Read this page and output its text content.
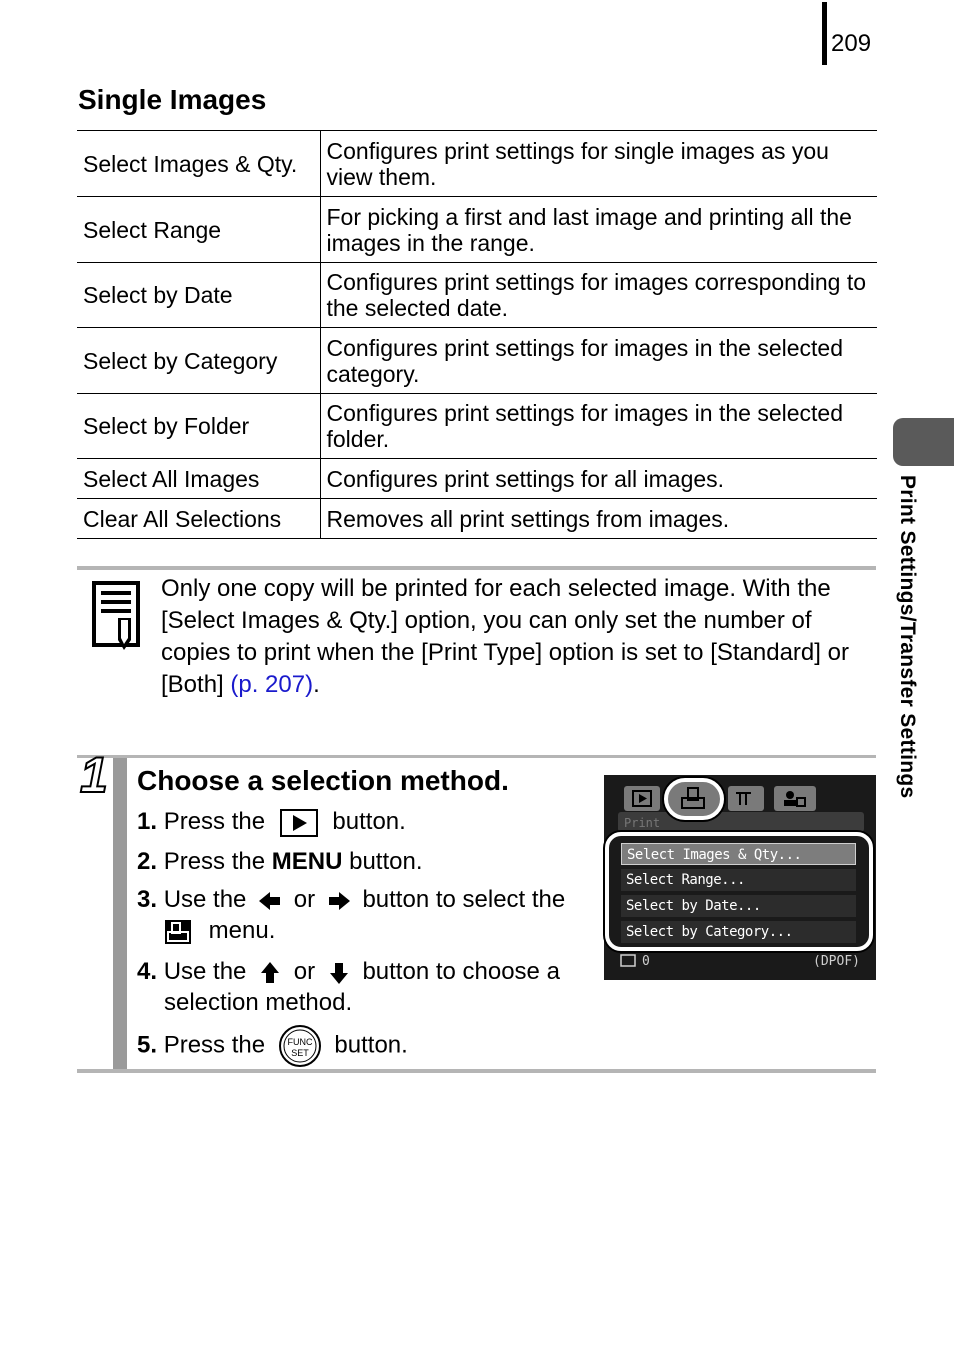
209
Print Settings/Transfer Settings
Single Images
Select Images & Qty.	Configures print settings for single images as you view them.
Select Range	For picking a first and last image and printing all the images in the range.
Select by Date	Configures print settings for images corresponding to the selected date.
Select by Category	Configures print settings for images in the selected category.
Select by Folder	Configures print settings for images in the selected folder.
Select All Images	Configures print settings for all images.
Clear All Selections	Removes all print settings from images.
Only one copy will be printed for each selected image. With the [Select Images & Qty.] option, you can only set the number of copies to print when the [Print Type] option is set to [Standard] or [Both] (p. 207).
1 Choose a selection method.
1. Press the	button.
2. Press the MENU button.
3. Use the or button to select the
menu.
4. Use the or button to choose a
selection method.
5. Press the FUNC
SET button.
Print
Select Images & Qty...
Select Range...
Select by Date...
Select by Category...
0	(DPOF)
